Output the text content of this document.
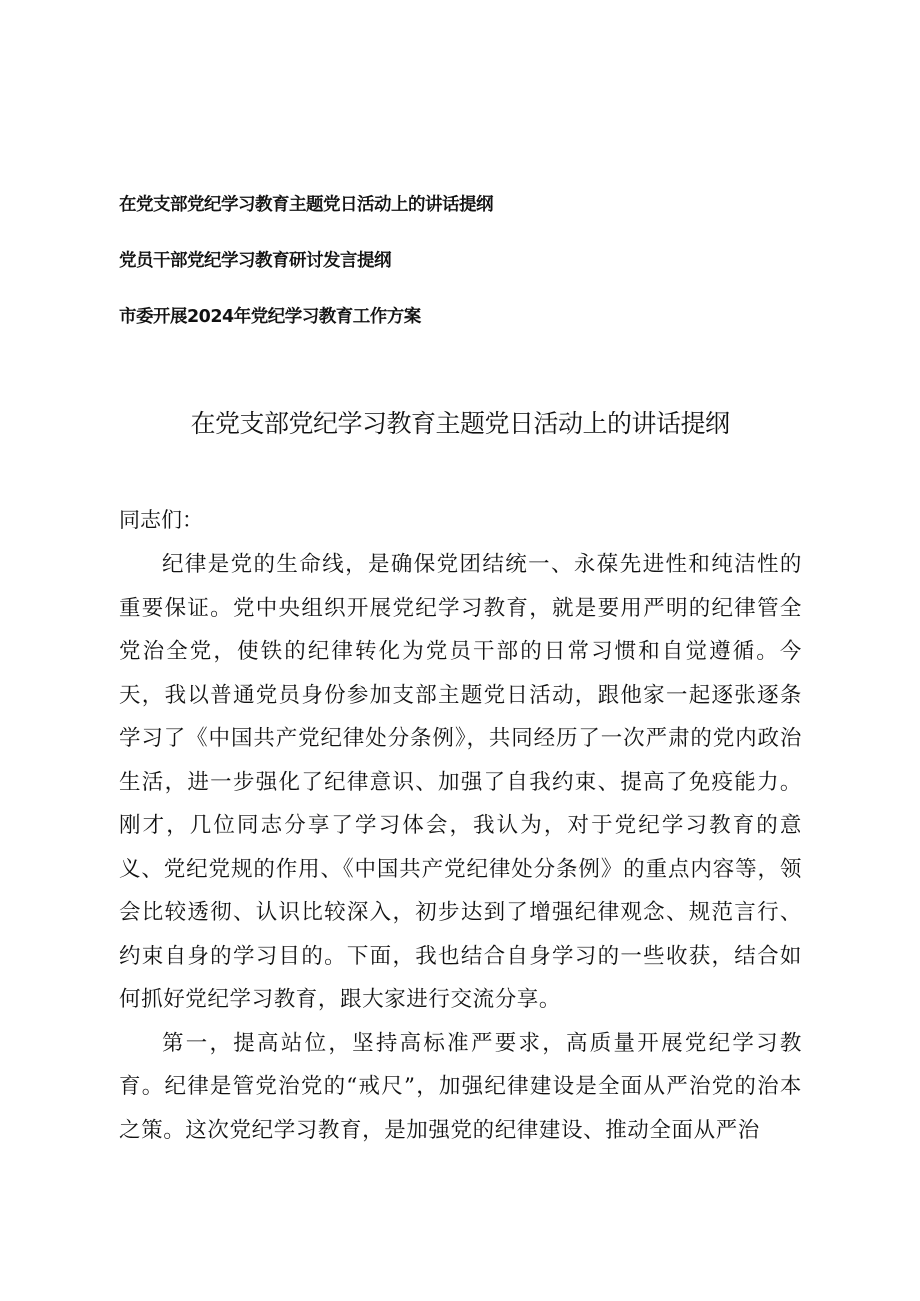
在党支部党纪学习教育主题党日活动上的讲话提纲
党员干部党纪学习教育研讨发言提纲
市委开展2024年党纪学习教育工作方案
在党支部党纪学习教育主题党日活动上的讲话提纲
同志们：

纪律是党的生命线，是确保党团结统一、永葆先进性和纯洁性的重要保证。党中央组织开展党纪学习教育，就是要用严明的纪律管全党治全党，使铁的纪律转化为党员干部的日常习惯和自觉遵循。今天，我以普通党员身份参加支部主题党日活动，跟他家一起逐张逐条学习了《中国共产党纪律处分条例》，共同经历了一次严肃的党内政治生活，进一步强化了纪律意识、加强了自我约束、提高了免疫能力。刚才，几位同志分享了学习体会，我认为，对于党纪学习教育的意义、党纪党规的作用、《中国共产党纪律处分条例》的重点内容等，领会比较透彻、认识比较深入，初步达到了增强纪律观念、规范言行、约束自身的学习目的。下面，我也结合自身学习的一些收获，结合如何抓好党纪学习教育，跟大家进行交流分享。

第一，提高站位，坚持高标准严要求，高质量开展党纪学习教育。纪律是管党治党的“戒尺”，加强纪律建设是全面从严治党的治本之策。这次党纪学习教育，是加强党的纪律建设、推动全面从严治
